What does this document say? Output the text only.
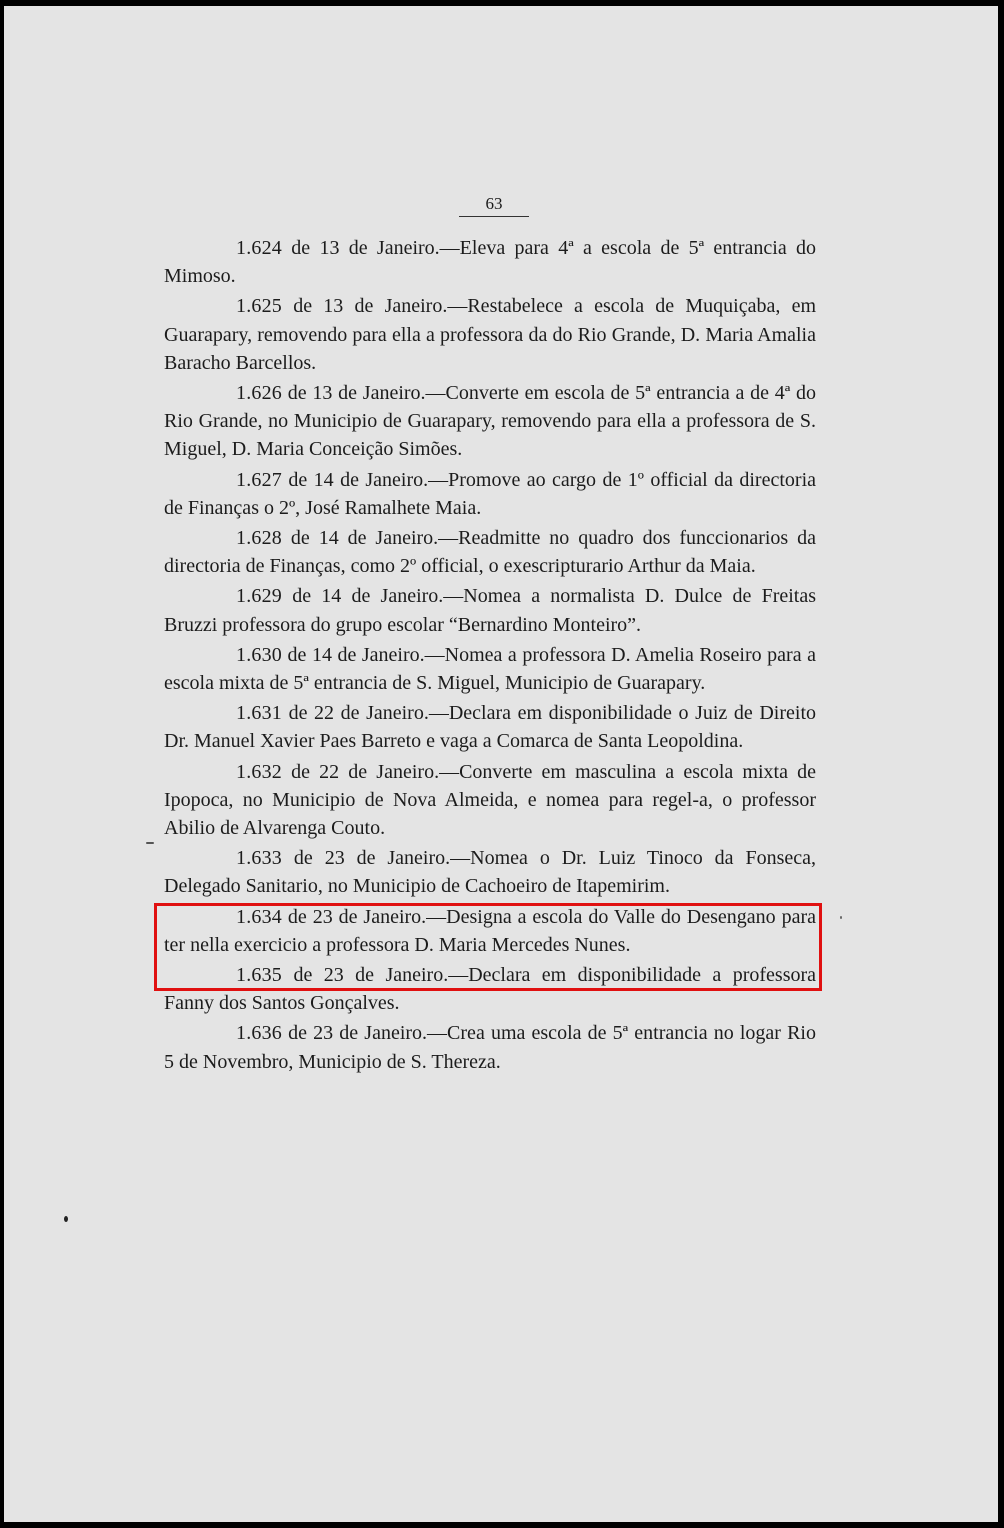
63

1.624 de 13 de Janeiro.—Eleva para 4ª a escola de 5ª entrancia do Mimoso.

1.625 de 13 de Janeiro.—Restabelece a escola de Muquiçaba, em Guarapary, removendo para ella a professora da do Rio Grande, D. Maria Amalia Baracho Barcellos.

1.626 de 13 de Janeiro.—Converte em escola de 5ª entrancia a de 4ª do Rio Grande, no Municipio de Guarapary, removendo para ella a professora de S. Miguel, D. Maria Conceição Simões.

1.627 de 14 de Janeiro.—Promove ao cargo de 1º official da directoria de Finanças o 2º, José Ramalhete Maia.

1.628 de 14 de Janeiro.—Readmitte no quadro dos funccionarios da directoria de Finanças, como 2º official, o exescripturario Arthur da Maia.

1.629 de 14 de Janeiro.—Nomea a normalista D. Dulce de Freitas Bruzzi professora do grupo escolar “Bernardino Monteiro”.

1.630 de 14 de Janeiro.—Nomea a professora D. Amelia Roseiro para a escola mixta de 5ª entrancia de S. Miguel, Municipio de Guarapary.

1.631 de 22 de Janeiro.—Declara em disponibilidade o Juiz de Direito Dr. Manuel Xavier Paes Barreto e vaga a Comarca de Santa Leopoldina.

1.632 de 22 de Janeiro.—Converte em masculina a escola mixta de Ipopoca, no Municipio de Nova Almeida, e nomea para regel-a, o professor Abilio de Alvarenga Couto.

1.633 de 23 de Janeiro.—Nomea o Dr. Luiz Tinoco da Fonseca, Delegado Sanitario, no Municipio de Cachoeiro de Itapemirim.

1.634 de 23 de Janeiro.—Designa a escola do Valle do Desengano para ter nella exercicio a professora D. Maria Mercedes Nunes.

1.635 de 23 de Janeiro.—Declara em disponibilidade a professora Fanny dos Santos Gonçalves.

1.636 de 23 de Janeiro.—Crea uma escola de 5ª entrancia no logar Rio 5 de Novembro, Municipio de S. Thereza.
